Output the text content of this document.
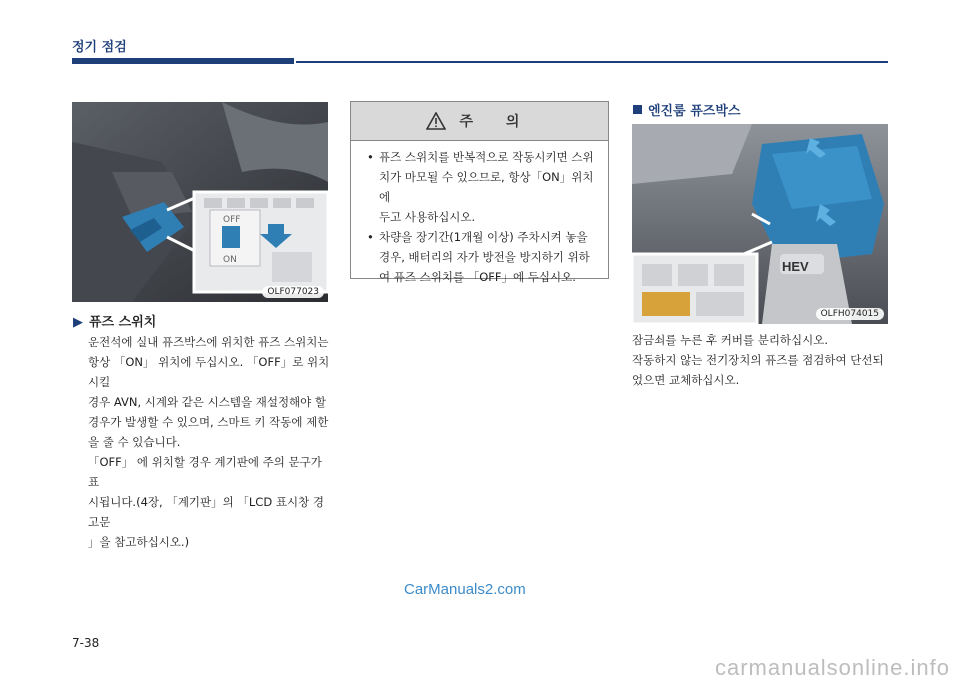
정기 점검
OFF
ON
OLF077023
▶ 퓨즈 스위치

운전석에 실내 퓨즈박스에 위치한 퓨즈 스위치는

항상 「ON」 위치에 두십시오. 「OFF」로 위치시킬

경우 AVN, 시계와 같은 시스템을 재설정해야 할

경우가 발생할 수 있으며, 스마트 키 작동에 제한

을 줄 수 있습니다.

「OFF」 에 위치할 경우 계기판에 주의 문구가 표

시됩니다.(4장, 「계기판」의 「LCD 표시창 경고문

」을 참고하십시오.)

주 의
• 퓨즈 스위치를 반복적으로 작동시키면 스위
치가 마모될 수 있으므로, 항상「ON」위치에
두고 사용하십시오.
• 차량을 장기간(1개월 이상) 주차시켜 놓을
경우, 배터리의 자가 방전을 방지하기 위하
여 퓨즈 스위치를 「OFF」에 두십시오.
엔진룸 퓨즈박스
HEV
OLFH074015

잠금쇠를 누른 후 커버를 분리하십시오.

작동하지 않는 전기장치의 퓨즈를 점검하여 단선되

었으면 교체하십시오.

CarManuals2.com
7-38
carmanualsonline.info
